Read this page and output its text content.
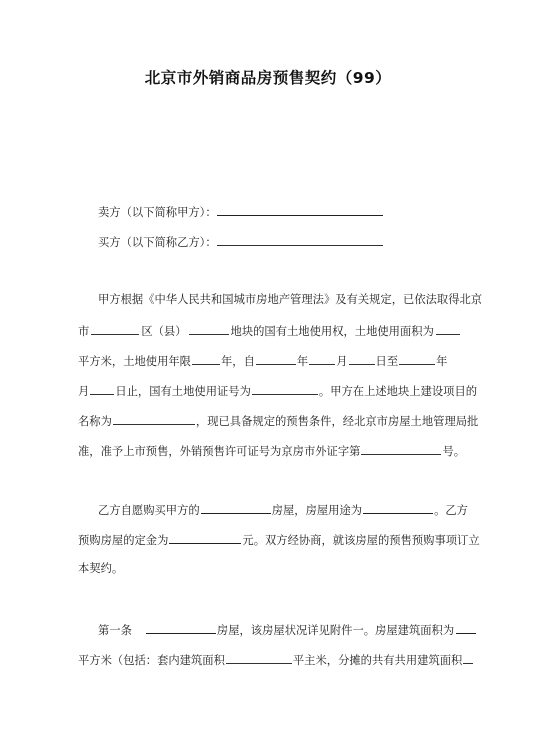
北京市外销商品房预售契约（99）
卖方（以下简称甲方）：
买方（以下简称乙方）：
甲方根据《中华人民共和国城市房地产管理法》及有关规定，已依法取得北京
市	区（县）	地块的国有土地使用权，土地使用面积为
平方米，土地使用年限	年，自	年 月 日至	年
月 日止，国有土地使用证号为	。甲方在上述地块上建设项目的
名称为	，现已具备规定的预售条件，经北京市房屋土地管理局批
准，准予上市预售，外销预售许可证号为京房市外证字第	号。
乙方自愿购买甲方的	房屋，房屋用途为	。乙方
预购房屋的定金为	元。双方经协商，就该房屋的预售预购事项订立
本契约。
第一条	房屋，该房屋状况详见附件一。房屋建筑面积为
平方米（包括：套内建筑面积	平主米，分摊的共有共用建筑面积
